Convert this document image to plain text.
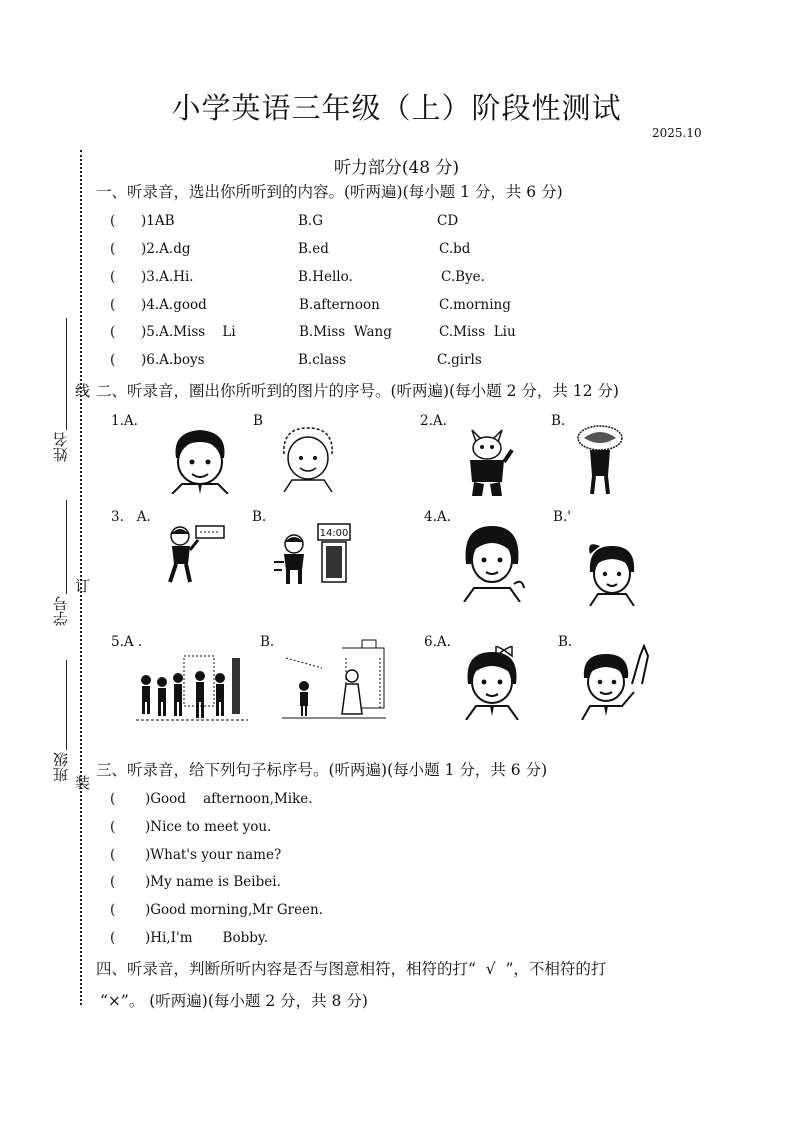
小学英语三年级（上）阶段性测试
2025.10
听力部分(48 分)
姓名
学号
班级
线
订
装
一、听录音，选出你所听到的内容。(听两遍)(每小题 1 分，共 6 分)
( )1AB	B.G	CD
( )2.A.dg	B.ed	C.bd
( )3.A.Hi.	B.Hello.	C.Bye.
( )4.A.good	B.afternoon	C.morning
( )5.A.Miss    Li	B.Miss  Wang	C.Miss  Liu
( )6.A.boys	B.class	C.girls
二、听录音，圈出你所听到的图片的序号。(听两遍)(每小题 2 分，共 12 分)
1.A.	B	2.A.	B.
3.   A.	B.	4.A.	B.'
5.A .	B.	6.A.	B.
14:00
三、听录音，给下列句子标序号。(听两遍)(每小题 1 分，共 6 分)
( )Good    afternoon,Mike.
( )Nice to meet you.
( )What's your name?
( )My name is Beibei.
( )Good morning,Mr Green.
( )Hi,I'm       Bobby.
四、听录音，判断所听内容是否与图意相符，相符的打“  √  ”，不相符的打
“×”。 (听两遍)(每小题 2 分，共 8 分)
